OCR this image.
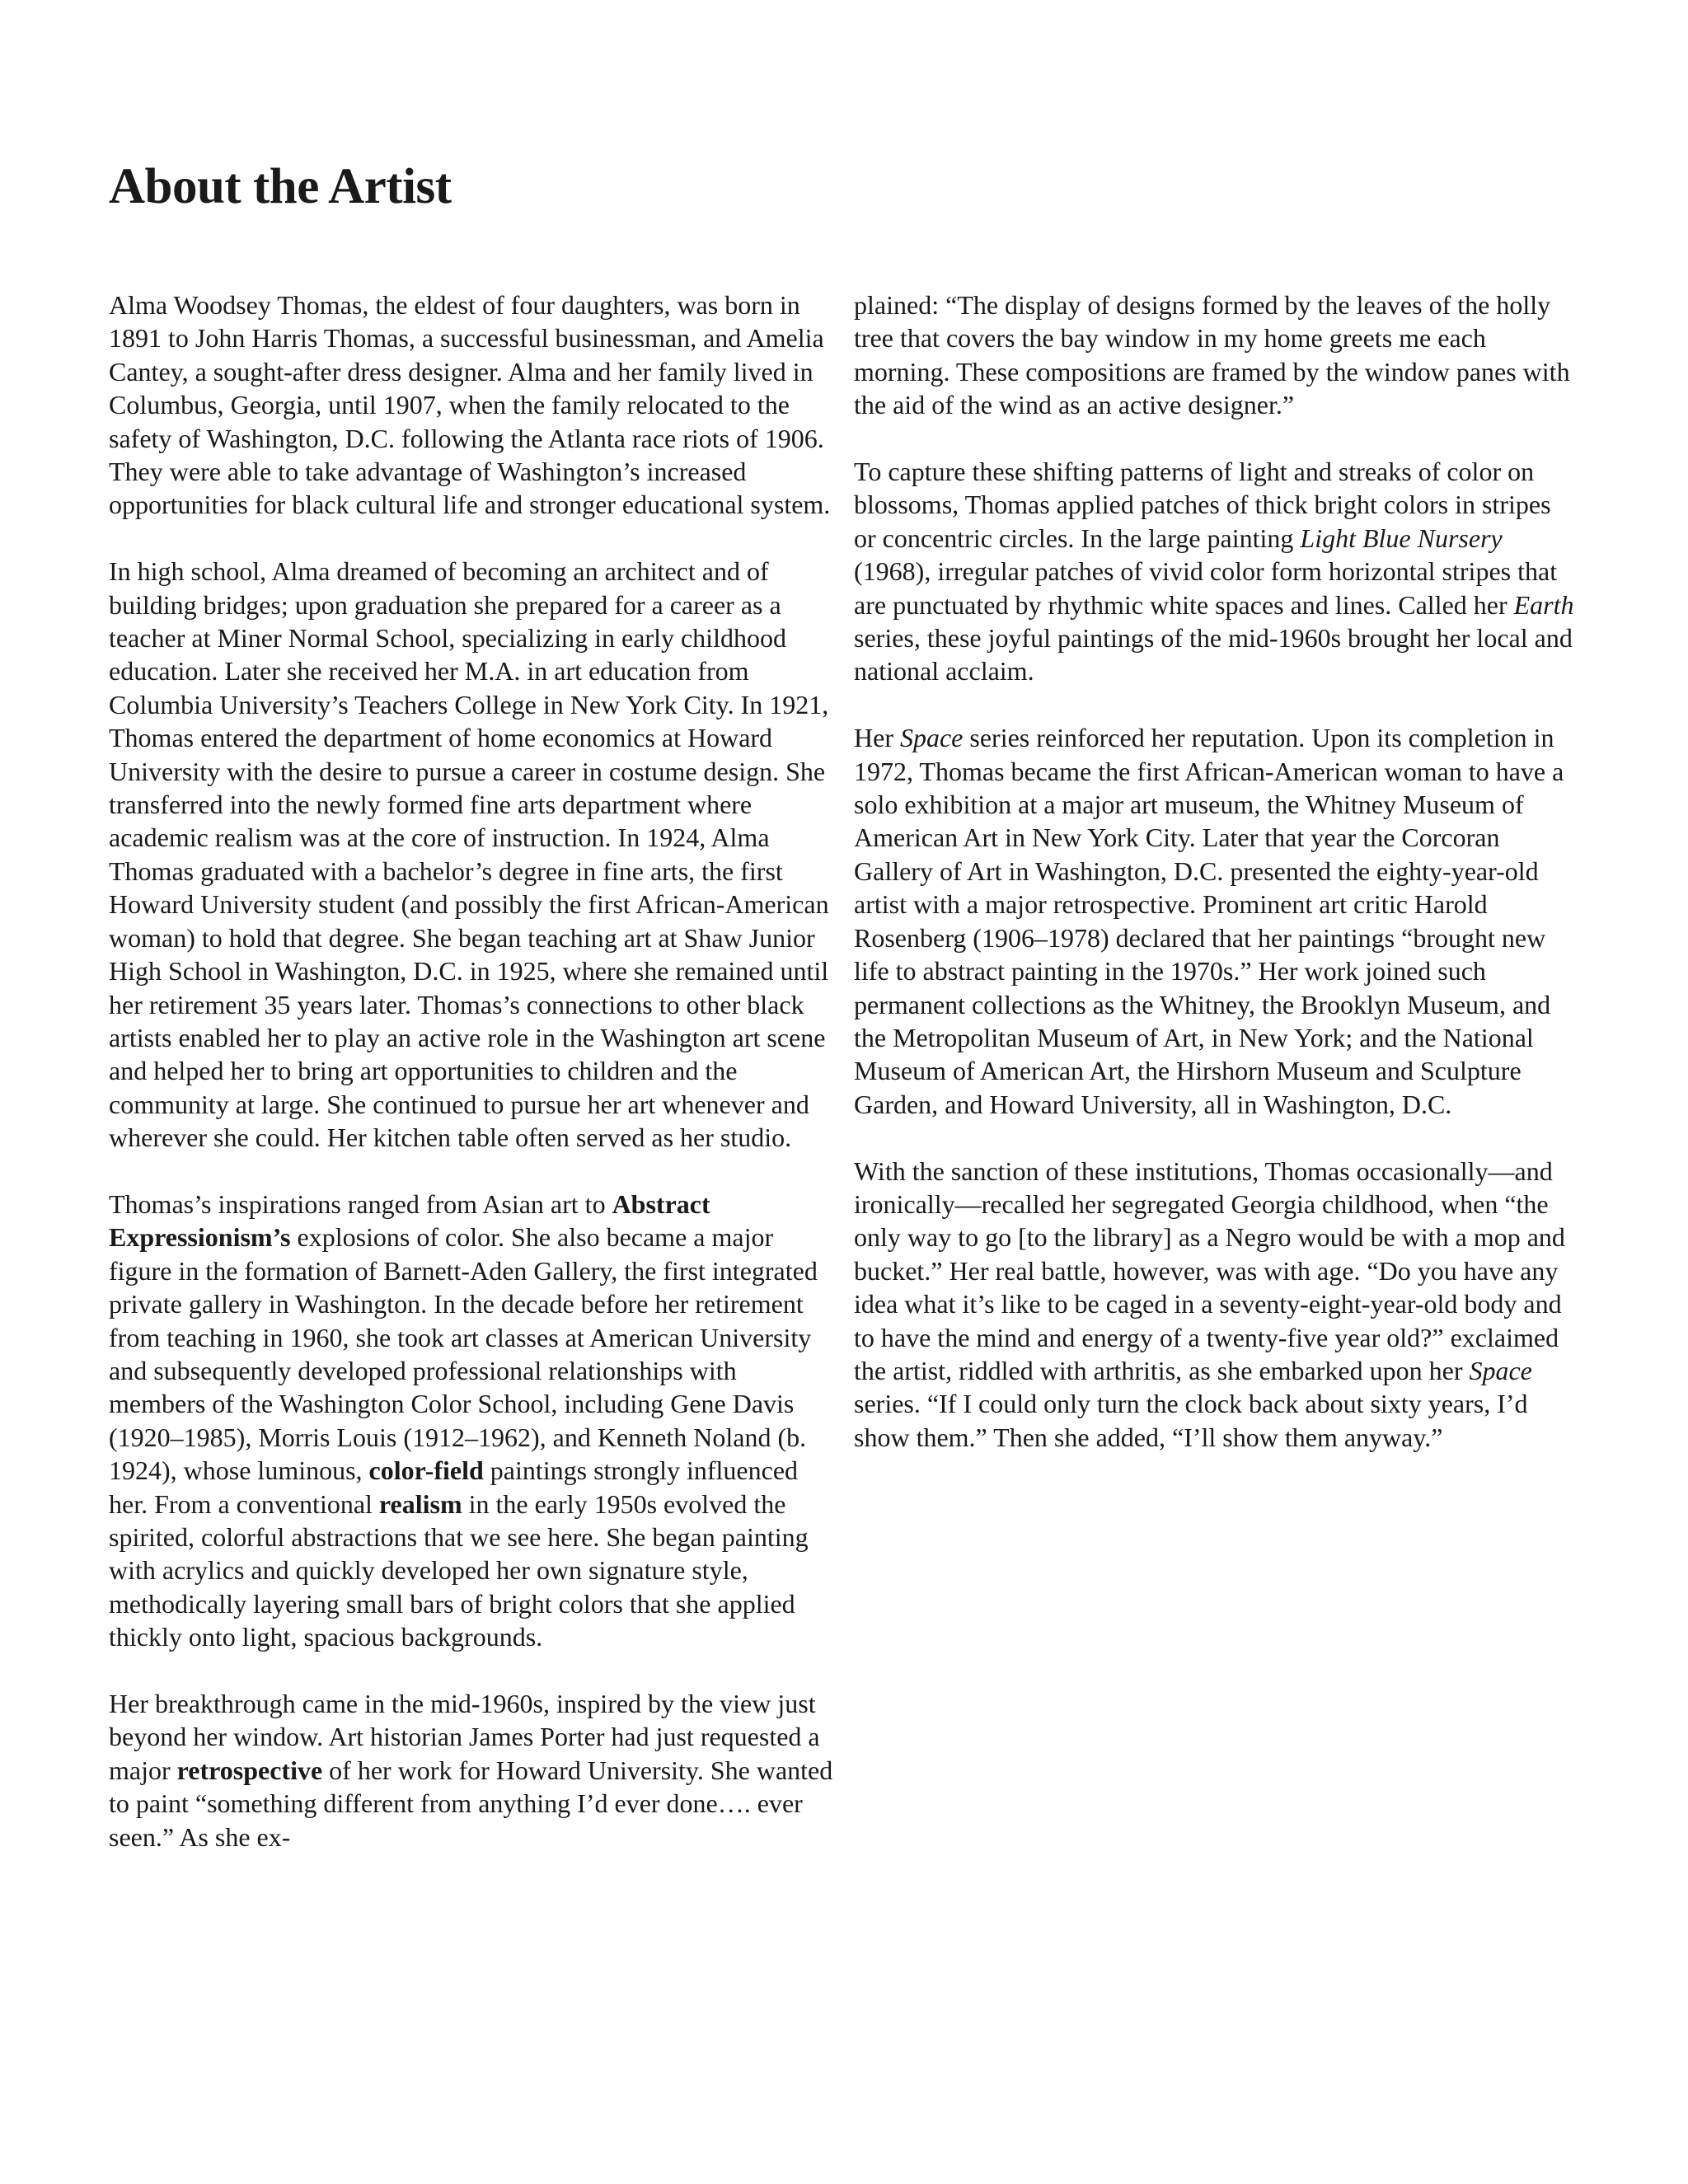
About the Artist

Alma Woodsey Thomas, the eldest of four daughters, was born in 1891 to John Harris Thomas, a successful businessman, and Amelia Cantey, a sought-after dress designer. Alma and her family lived in Columbus, Georgia, until 1907, when the family relocated to the safety of Washington, D.C. following the Atlanta race riots of 1906. They were able to take advantage of Washington’s increased opportunities for black cultural life and stronger educational system.

In high school, Alma dreamed of becoming an architect and of building bridges; upon graduation she prepared for a career as a teacher at Miner Normal School, specializing in early childhood education. Later she received her M.A. in art education from Columbia University’s Teachers College in New York City. In 1921, Thomas entered the department of home economics at Howard University with the desire to pursue a career in costume design. She transferred into the newly formed fine arts department where academic realism was at the core of instruction. In 1924, Alma Thomas graduated with a bachelor’s degree in fine arts, the first Howard University student (and possibly the first African-American woman) to hold that degree. She began teaching art at Shaw Junior High School in Washington, D.C. in 1925, where she remained until her retirement 35 years later. Thomas’s connections to other black artists enabled her to play an active role in the Washington art scene and helped her to bring art opportunities to children and the community at large. She continued to pursue her art whenever and wherever she could. Her kitchen table often served as her studio.

Thomas’s inspirations ranged from Asian art to Abstract Expressionism’s explosions of color. She also became a major figure in the formation of Barnett-Aden Gallery, the first integrated private gallery in Washington. In the decade before her retirement from teaching in 1960, she took art classes at American University and subsequently developed professional relationships with members of the Washington Color School, including Gene Davis (1920–1985), Morris Louis (1912–1962), and Kenneth Noland (b. 1924), whose luminous, color-field paintings strongly influenced her. From a conventional realism in the early 1950s evolved the spirited, colorful abstractions that we see here. She began painting with acrylics and quickly developed her own signature style, methodically layering small bars of bright colors that she applied thickly onto light, spacious backgrounds.

Her breakthrough came in the mid-1960s, inspired by the view just beyond her window. Art historian James Porter had just requested a major retrospective of her work for Howard University. She wanted to paint “something different from anything I’d ever done…. ever seen.” As she ex-

plained: “The display of designs formed by the leaves of the holly tree that covers the bay window in my home greets me each morning. These compositions are framed by the window panes with the aid of the wind as an active designer.”

To capture these shifting patterns of light and streaks of color on blossoms, Thomas applied patches of thick bright colors in stripes or concentric circles. In the large painting Light Blue Nursery (1968), irregular patches of vivid color form horizontal stripes that are punctuated by rhythmic white spaces and lines. Called her Earth series, these joyful paintings of the mid-1960s brought her local and national acclaim.

Her Space series reinforced her reputation. Upon its completion in 1972, Thomas became the first African-American woman to have a solo exhibition at a major art museum, the Whitney Museum of American Art in New York City. Later that year the Corcoran Gallery of Art in Washington, D.C. presented the eighty-year-old artist with a major retrospective. Prominent art critic Harold Rosenberg (1906–1978) declared that her paintings “brought new life to abstract painting in the 1970s.” Her work joined such permanent collections as the Whitney, the Brooklyn Museum, and the Metropolitan Museum of Art, in New York; and the National Museum of American Art, the Hirshorn Museum and Sculpture Garden, and Howard University, all in Washington, D.C.

With the sanction of these institutions, Thomas occasionally—and ironically—recalled her segregated Georgia childhood, when “the only way to go [to the library] as a Negro would be with a mop and bucket.” Her real battle, however, was with age. “Do you have any idea what it’s like to be caged in a seventy-eight-year-old body and to have the mind and energy of a twenty-five year old?” exclaimed the artist, riddled with arthritis, as she embarked upon her Space series. “If I could only turn the clock back about sixty years, I’d show them.” Then she added, “I’ll show them anyway.”
